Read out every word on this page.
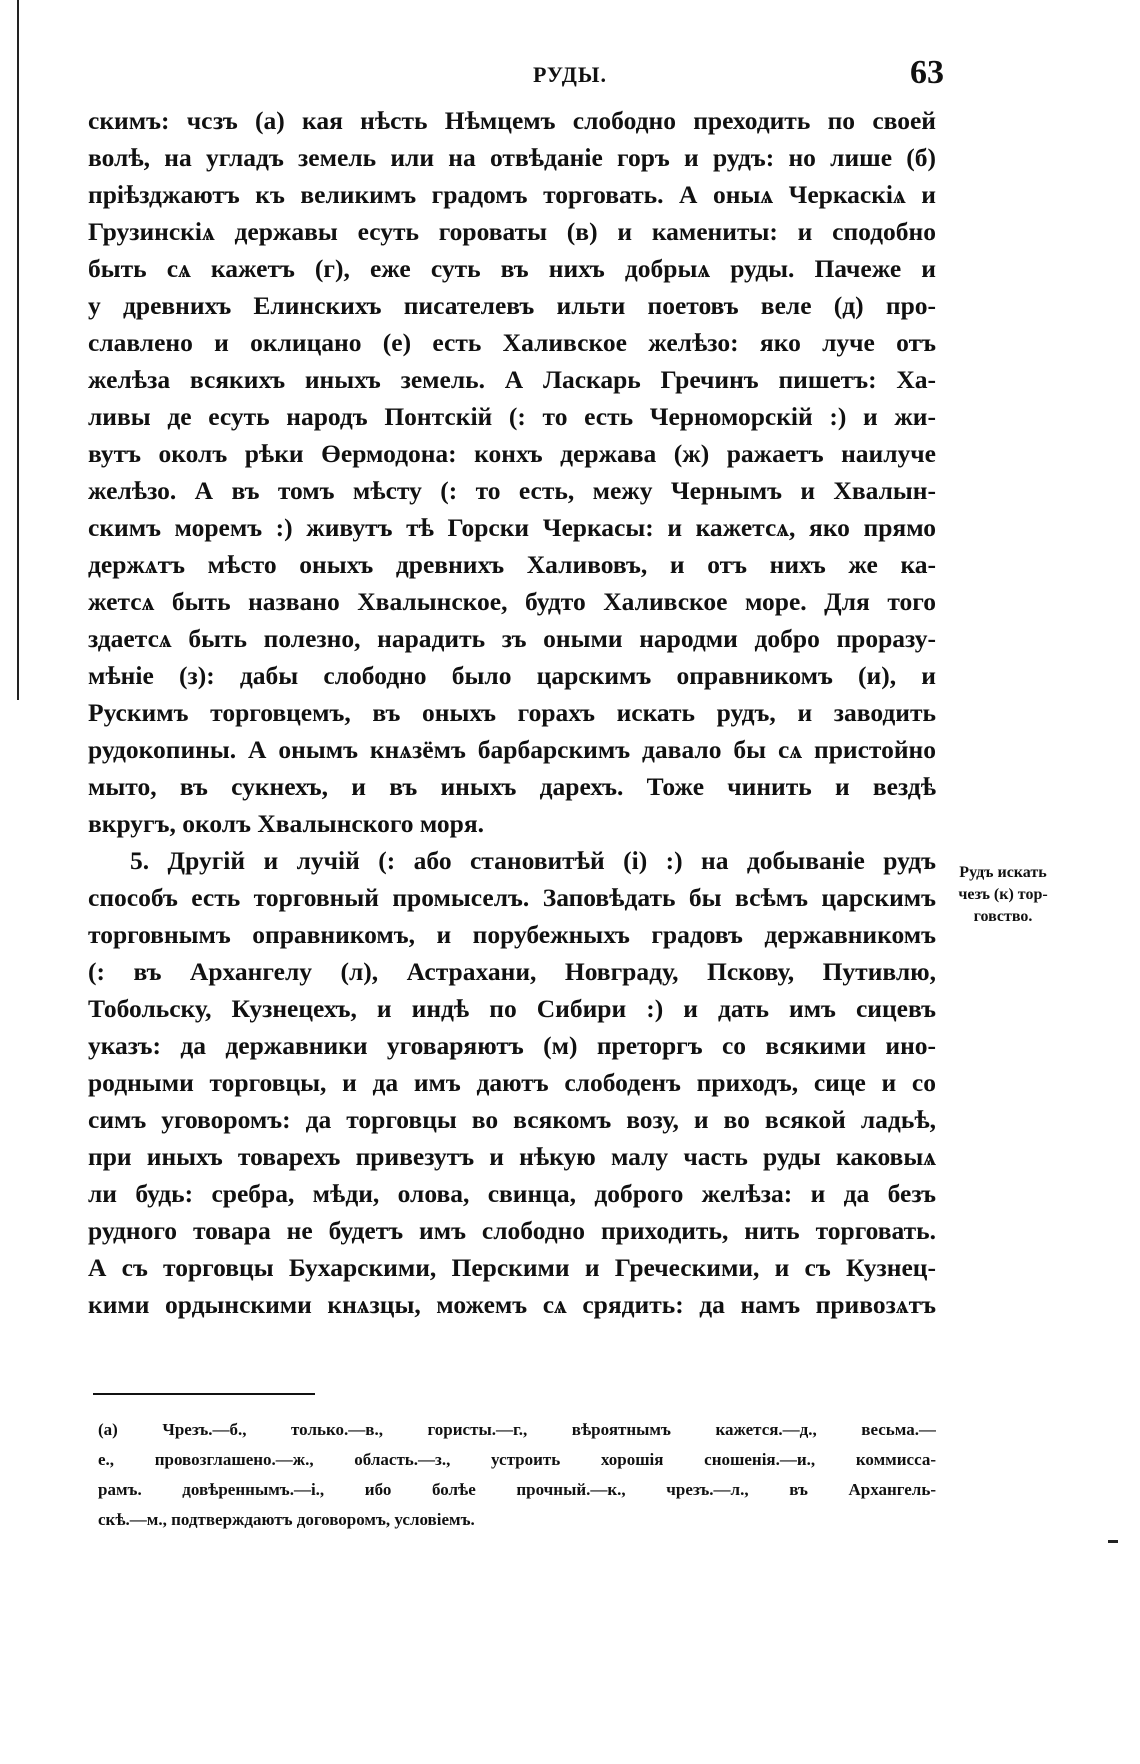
РУДЫ.	63
скимъ: чсзъ (а) кая нѣсть Нѣмцемъ слободно преходить по своей
волѣ, на угладъ земель или на отвѣданіе горъ и рудъ: но лише (б)
пріѣзджаютъ къ великимъ градомъ торговать. А оныѧ Черкаскіѧ и
Грузинскіѧ державы есуть гороваты (в) и камениты: и сподобно
быть сѧ кажетъ (г), еже суть въ нихъ добрыѧ руды. Пачеже и
у древнихъ Елинскихъ писателевъ ильти поетовъ веле (д) про-
славлено и оклицано (е) есть Халивское желѣзо: яко луче отъ
желѣза всякихъ иныхъ земель. А Ласкарь Гречинъ пишетъ: Ха-
ливы де есуть народъ Понтскій (: то есть Черноморскій :) и жи-
вутъ околъ рѣки Өермодона: конхъ держава (ж) ражаетъ наилуче
желѣзо. А въ томъ мѣсту (: то есть, межу Чернымъ и Хвалын-
скимъ моремъ :) живутъ тѣ Горски Черкасы: и кажетсѧ, яко прямо
держѧтъ мѣсто оныхъ древнихъ Халивовъ, и отъ нихъ же ка-
жетсѧ быть названо Хвалынское, будто Халивское море. Для того
здаетсѧ быть полезно, нарадить зъ оными народми добро проразу-
мѣніе (з): дабы слободно было царскимъ оправникомъ (и), и
Рускимъ торговцемъ, въ оныхъ горахъ искать рудъ, и заводить
рудокопины. А онымъ кнѧзёмъ барбарскимъ давало бы сѧ пристойно
мыто, въ сукнехъ, и въ иныхъ дарехъ. Тоже чинить и вездѣ
вкругъ, околъ Хвалынского моря.
5. Другій и лучій (: або становитѣй (і) :) на добываніе рудъ
способъ есть торговный промыселъ. Заповѣдать бы всѣмъ царскимъ
торговнымъ оправникомъ, и порубежныхъ градовъ державникомъ
(: въ Архангелу (л), Астрахани, Новграду, Пскову, Путивлю,
Тобольску, Кузнецехъ, и индѣ по Сибири :) и дать имъ сицевъ
указъ: да державники уговаряютъ (м) преторгъ со всякими ино-
родными торговцы, и да имъ даютъ слободенъ приходъ, сице и со
симъ уговоромъ: да торговцы во всякомъ возу, и во всякой ладьѣ,
при иныхъ товарехъ привезутъ и нѣкую малу часть руды каковыѧ
ли будь: сребра, мѣди, олова, свинца, доброго желѣза: и да безъ
рудного товара не будетъ имъ слободно приходить, нить торговать.
А съ торговцы Бухарскими, Перскими и Греческими, и съ Кузнец-
кими ордынскими кнѧзцы, можемъ сѧ срядить: да намъ привозѧтъ
Рудъ искать
чезъ (к) тор-
говство.
(а) Чрезъ.—б., только.—в., гористы.—г., вѣроятнымъ кажется.—д., весьма.—
е., провозглашено.—ж., область.—з., устроить хорошія сношенія.—и., коммисса-
рамъ. довѣреннымъ.—і., ибо болѣе прочный.—к., чрезъ.—л., въ Архангель-
скѣ.—м., подтверждаютъ договоромъ, условіемъ.
